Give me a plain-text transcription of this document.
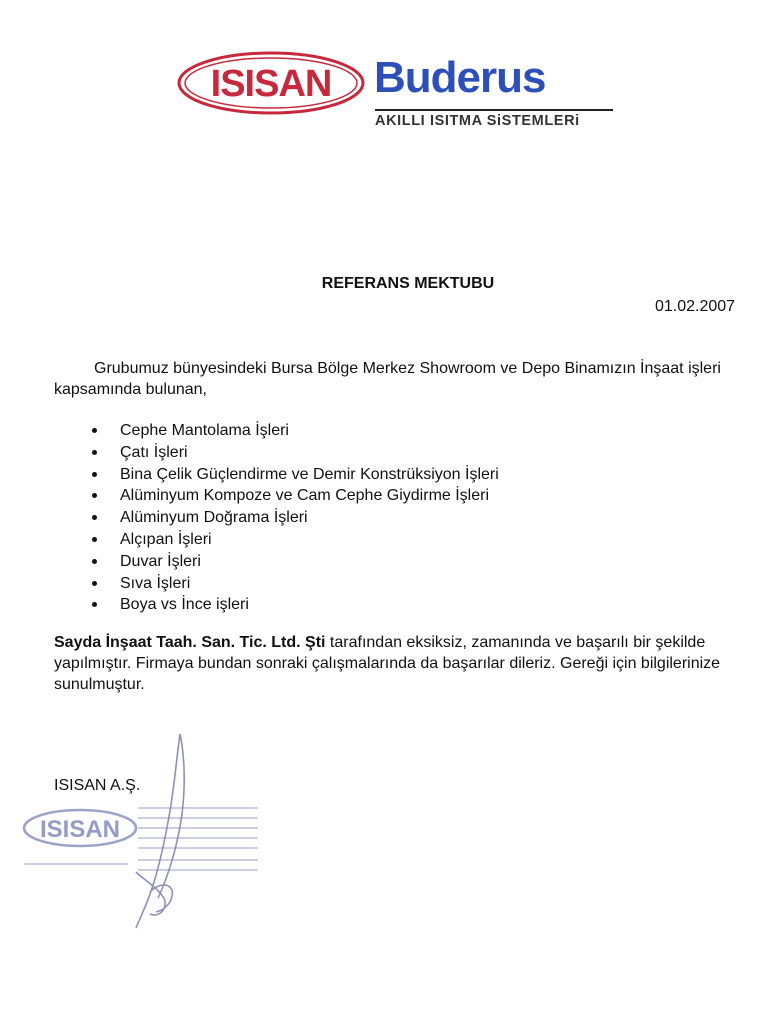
ISISAN Buderus
AKILLI ISITMA SiSTEMLERi
REFERANS MEKTUBU
01.02.2007
Grubumuz bünyesindeki Bursa Bölge Merkez Showroom ve Depo Binamızın İnşaat işleri kapsamında bulunan,
Cephe Mantolama İşleri
Çatı İşleri
Bina Çelik Güçlendirme ve Demir Konstrüksiyon İşleri
Alüminyum Kompoze ve Cam Cephe Giydirme İşleri
Alüminyum Doğrama İşleri
Alçıpan İşleri
Duvar İşleri
Sıva İşleri
Boya vs İnce işleri
Sayda İnşaat Taah. San. Tic. Ltd. Şti tarafından eksiksiz, zamanında ve başarılı bir şekilde yapılmıştır. Firmaya bundan sonraki çalışmalarında da başarılar dileriz. Gereği için bilgilerinize sunulmuştur.
ISISAN
ISISAN A.Ş.
